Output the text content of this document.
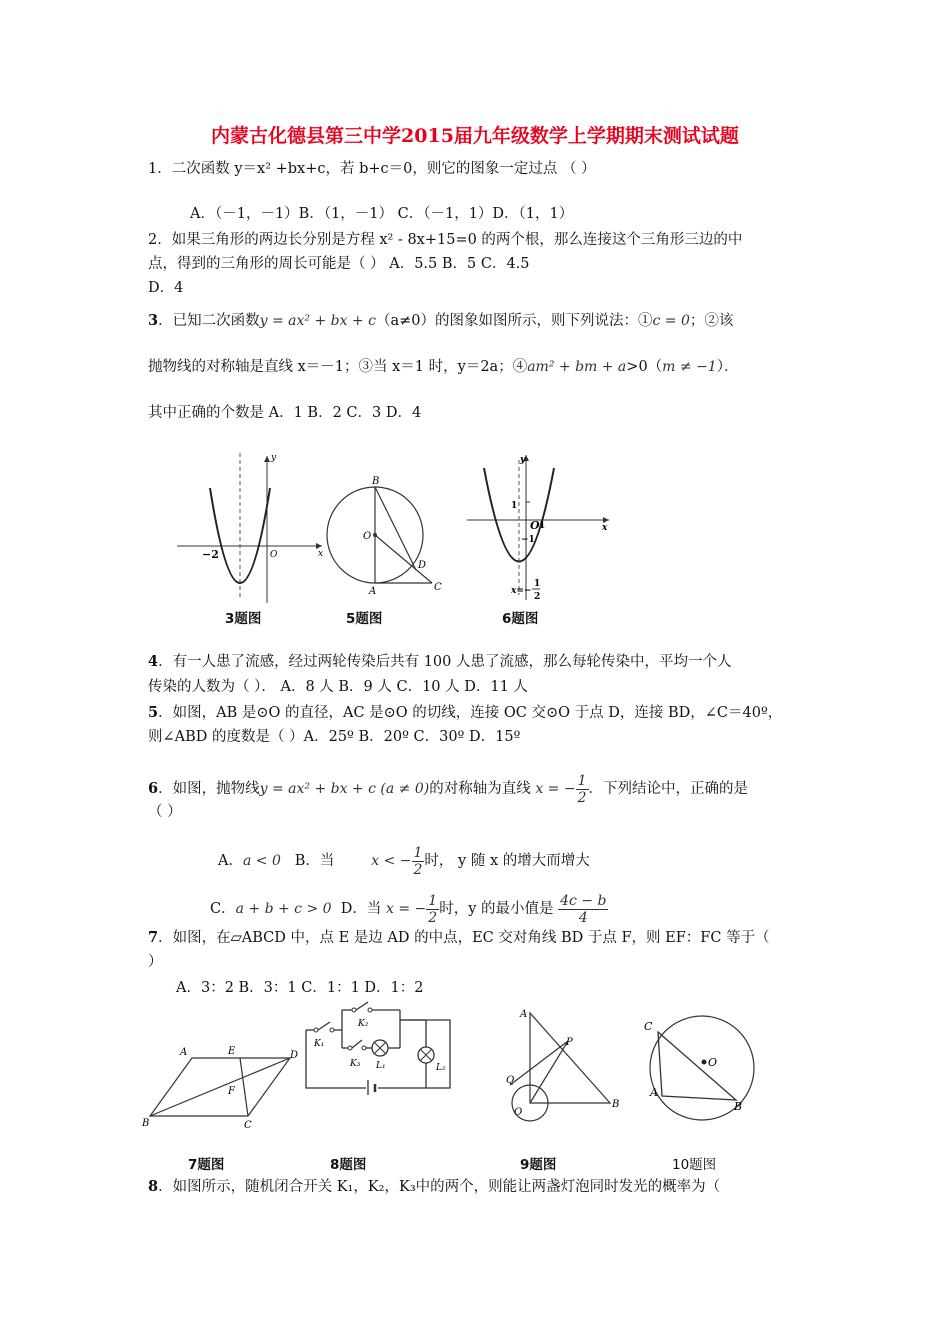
内蒙古化德县第三中学2015届九年级数学上学期期末测试试题
1．二次函数 y＝x² +bx+c，若 b+c＝0，则它的图象一定过点 （ ）
A．（－1，－1）B．（1，－1） C．（－1，1）D．（1，1）
2．如果三角形的两边长分别是方程 x² - 8x+15=0 的两个根，那么连接这个三角形三边的中
点，得到的三角形的周长可能是（ ） A．5.5 B．5 C．4.5
D．4
3．已知二次函数y = ax² + bx + c（a≠0）的图象如图所示，则下列说法：①c = 0；②该
抛物线的对称轴是直线 x＝－1；③当 x＝1 时，y＝2a；④am² + bm + a>0（m ≠ −1）．
其中正确的个数是 A．1 B．2 C．3 D．4
y
x
−2	O
3题图
B
O
D
A	C
5题图
y
1
O 1	x
−1
x=−
1
2
6题图
4．有一人患了流感，经过两轮传染后共有 100 人患了流感，那么每轮传染中，平均一个人
传染的人数为（ ）． A．8 人 B．9 人 C．10 人 D．11 人
5．如图，AB 是⊙O 的直径，AC 是⊙O 的切线，连接 OC 交⊙O 于点 D，连接 BD，∠C＝40º，
则∠ABD 的度数是（ ）A．25º B．20º C．30º D．15º
6．如图，抛物线y = ax² + bx + c (a ≠ 0)的对称轴为直线 x = − $\frac{1}{2}$ ．下列结论中，正确的是
（ ）
A．a < 0 B．当	x < − $\frac{1}{2}$ 时， y 随 x 的增大而增大
C．a + b + c > 0 D．当 x = − $\frac{1}{2}$ 时，y 的最小值是 $\frac{4c - b}{4}$
7．如图，在▱ABCD 中，点 E 是边 AD 的中点，EC 交对角线 BD 于点 F，则 EF：FC 等于（
）
A．3：2 B．3：1 C．1：1 D．1：2
A	E	D
F
B	C
7题图
K₁
K₂
K₃ L₁	L₂
8题图
A
P
Q
O
B
9题图
C
O
A
B
10题图
8．如图所示，随机闭合开关 K₁，K₂，K₃中的两个，则能让两盏灯泡同时发光的概率为（
